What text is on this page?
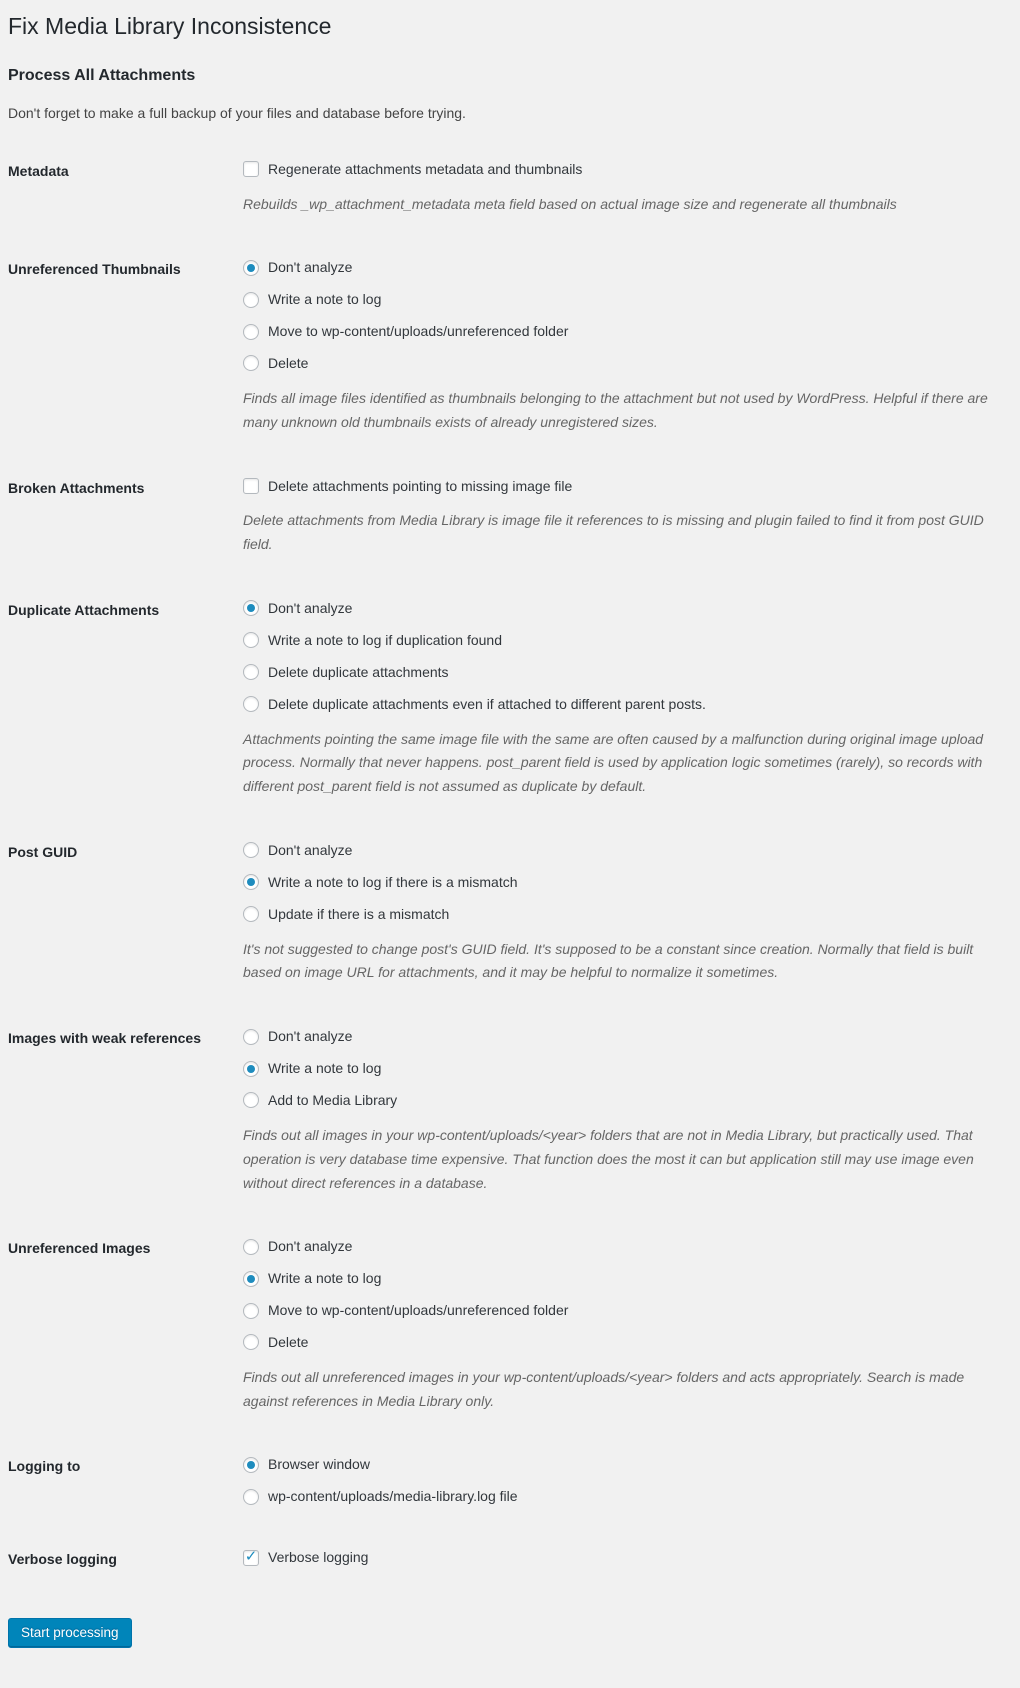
Fix Media Library Inconsistence
Process All Attachments

Don't forget to make a full backup of your files and database before trying.

Metadata	Regenerate attachments metadata and thumbnails

Rebuilds _wp_attachment_metadata meta field based on actual image size and regenerate all thumbnails

Unreferenced Thumbnails	Don't analyze
Write a note to log
Move to wp-content/uploads/unreferenced folder
Delete

Finds all image files identified as thumbnails belonging to the attachment but not used by WordPress. Helpful if there are many unknown old thumbnails exists of already unregistered sizes.

Broken Attachments	Delete attachments pointing to missing image file

Delete attachments from Media Library is image file it references to is missing and plugin failed to find it from post GUID field.

Duplicate Attachments	Don't analyze
Write a note to log if duplication found
Delete duplicate attachments
Delete duplicate attachments even if attached to different parent posts.

Attachments pointing the same image file with the same are often caused by a malfunction during original image upload process. Normally that never happens. post_parent field is used by application logic sometimes (rarely), so records with different post_parent field is not assumed as duplicate by default.

Post GUID	Don't analyze
Write a note to log if there is a mismatch
Update if there is a mismatch

It's not suggested to change post's GUID field. It's supposed to be a constant since creation. Normally that field is built based on image URL for attachments, and it may be helpful to normalize it sometimes.

Images with weak references	Don't analyze
Write a note to log
Add to Media Library

Finds out all images in your wp-content/uploads/<year> folders that are not in Media Library, but practically used. That operation is very database time expensive. That function does the most it can but application still may use image even without direct references in a database.

Unreferenced Images	Don't analyze
Write a note to log
Move to wp-content/uploads/unreferenced folder
Delete

Finds out all unreferenced images in your wp-content/uploads/<year> folders and acts appropriately. Search is made against references in Media Library only.

Logging to	Browser window
wp-content/uploads/media-library.log file
Verbose logging ✓	Verbose logging
Start processing
